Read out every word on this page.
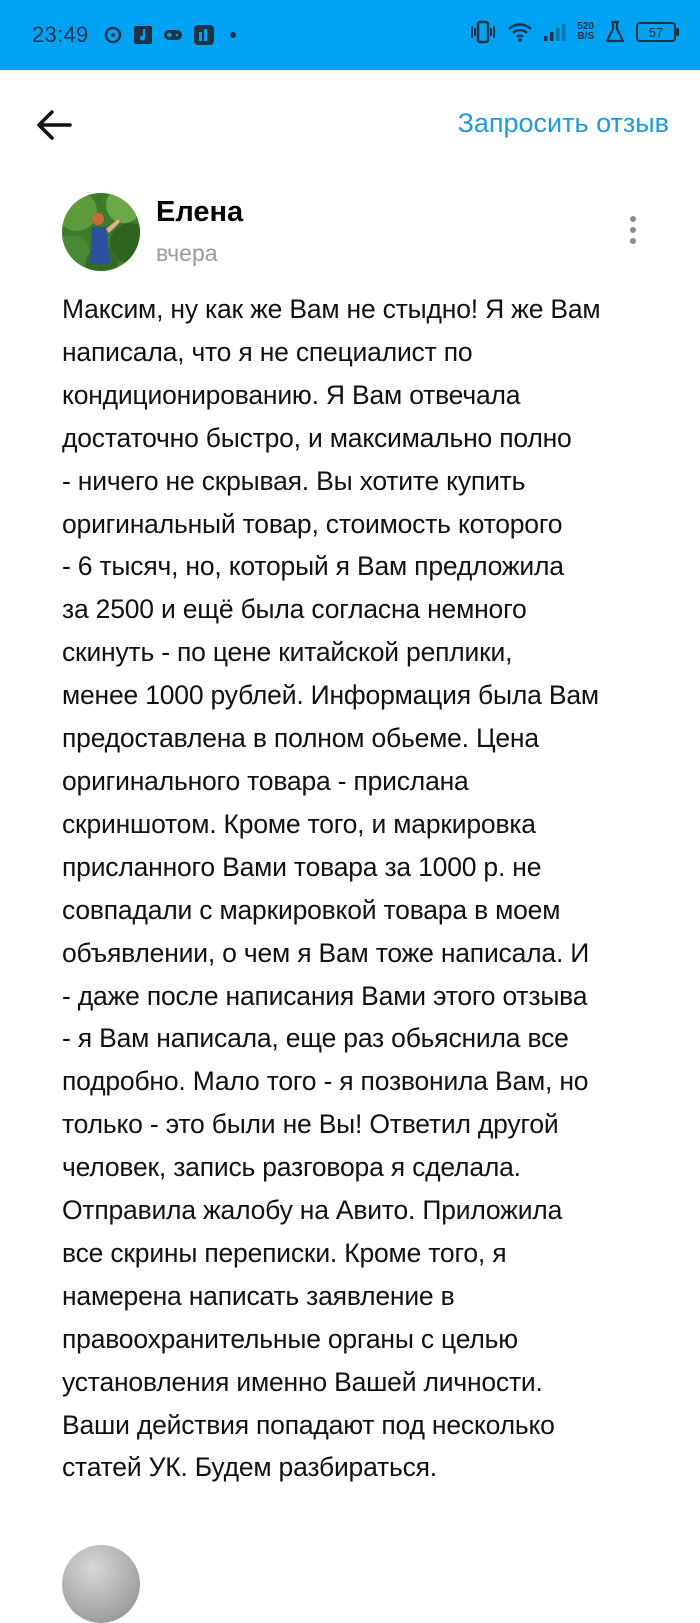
23:49	520
B/S	57
Запросить отзыв
Елена
вчера
Максим, ну как же Вам не стыдно! Я же Вам
написала, что я не специалист по
кондиционированию. Я Вам отвечала
достаточно быстро, и максимально полно
- ничего не скрывая. Вы хотите купить
оригинальный товар, стоимость которого
- 6 тысяч, но, который я Вам предложила
за 2500 и ещё была согласна немного
скинуть - по цене китайской реплики,
менее 1000 рублей. Информация была Вам
предоставлена в полном обьеме. Цена
оригинального товара - прислана
скриншотом. Кроме того, и маркировка
присланного Вами товара за 1000 р. не
совпадали с маркировкой товара в моем
объявлении, о чем я Вам тоже написала. И
- даже после написания Вами этого отзыва
- я Вам написала, еще раз обьяснила все
подробно. Мало того - я позвонила Вам, но
только - это были не Вы! Ответил другой
человек, запись разговора я сделала.
Отправила жалобу на Авито. Приложила
все скрины переписки. Кроме того, я
намерена написать заявление в
правоохранительные органы с целью
установления именно Вашей личности.
Ваши действия попадают под несколько
статей УК. Будем разбираться.
